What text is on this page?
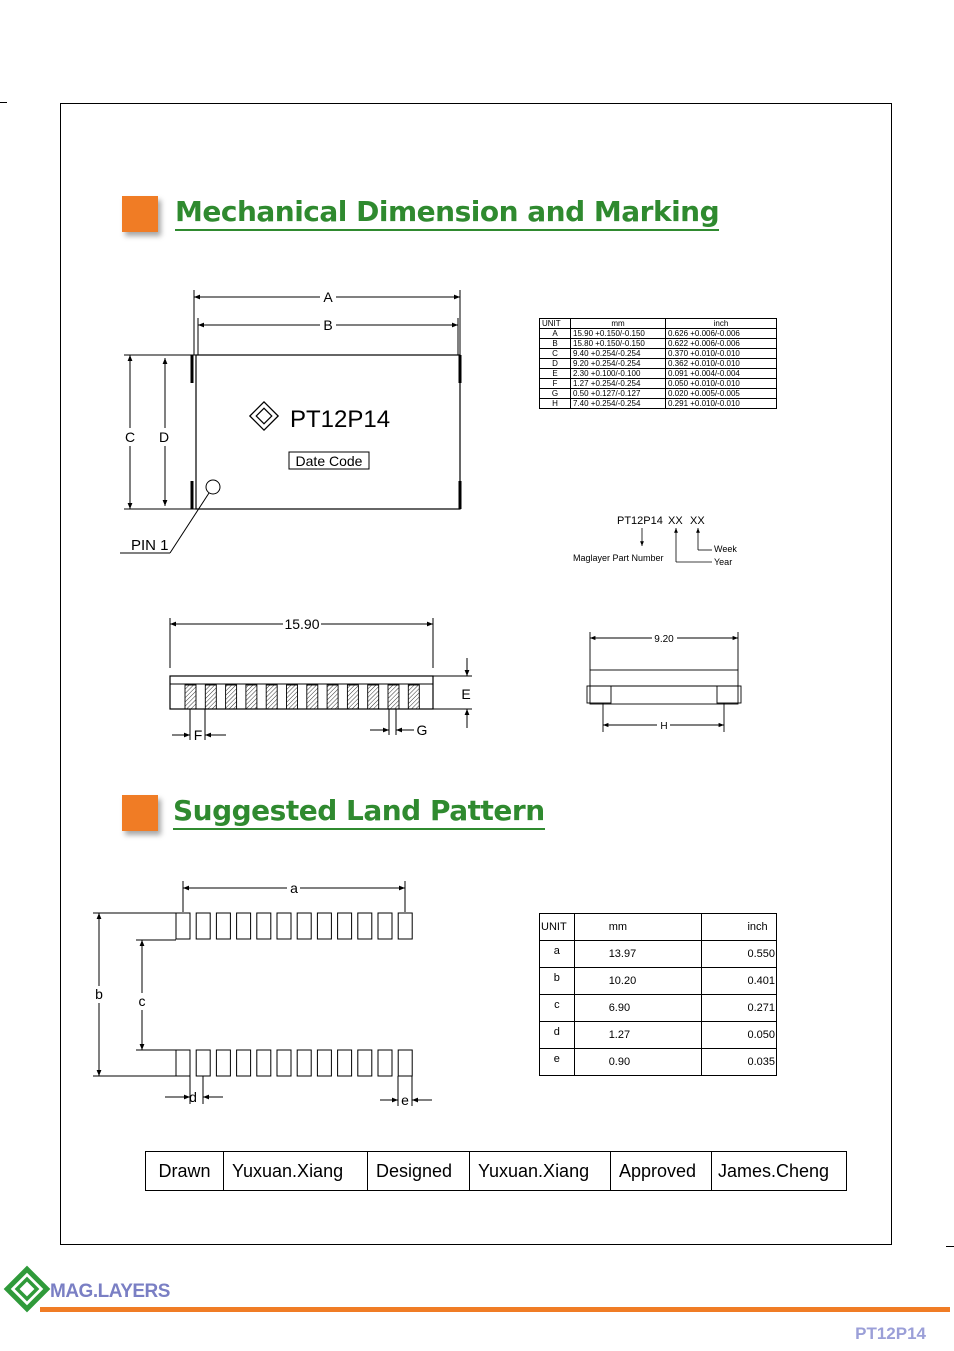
Mechanical Dimension and Marking
Suggested Land Pattern
A
B
C D
PT12P14
Date Code
PIN 1
PT12P14 XX XX
Maglayer Part Number
Week
Year
15.90
E
F	G
9.20
H
a
b	c
d	e
UNIT	mm	inch
A	15.90 +0.150/-0.150	0.626 +0.006/-0.006
B	15.80 +0.150/-0.150	0.622 +0.006/-0.006
C	9.40 +0.254/-0.254	0.370 +0.010/-0.010
D	9.20 +0.254/-0.254	0.362 +0.010/-0.010
E	2.30 +0.100/-0.100	0.091 +0.004/-0.004
F	1.27 +0.254/-0.254	0.050 +0.010/-0.010
G	0.50 +0.127/-0.127	0.020 +0.005/-0.005
H	7.40 +0.254/-0.254	0.291 +0.010/-0.010
UNIT	mm	inch
a	13.97	0.550
b	10.20	0.401
c	6.90	0.271
d	1.27	0.050
e	0.90	0.035
Drawn	Yuxuan.Xiang	Designed	Yuxuan.Xiang	Approved	James.Cheng
MAG.LAYERS
PT12P14
